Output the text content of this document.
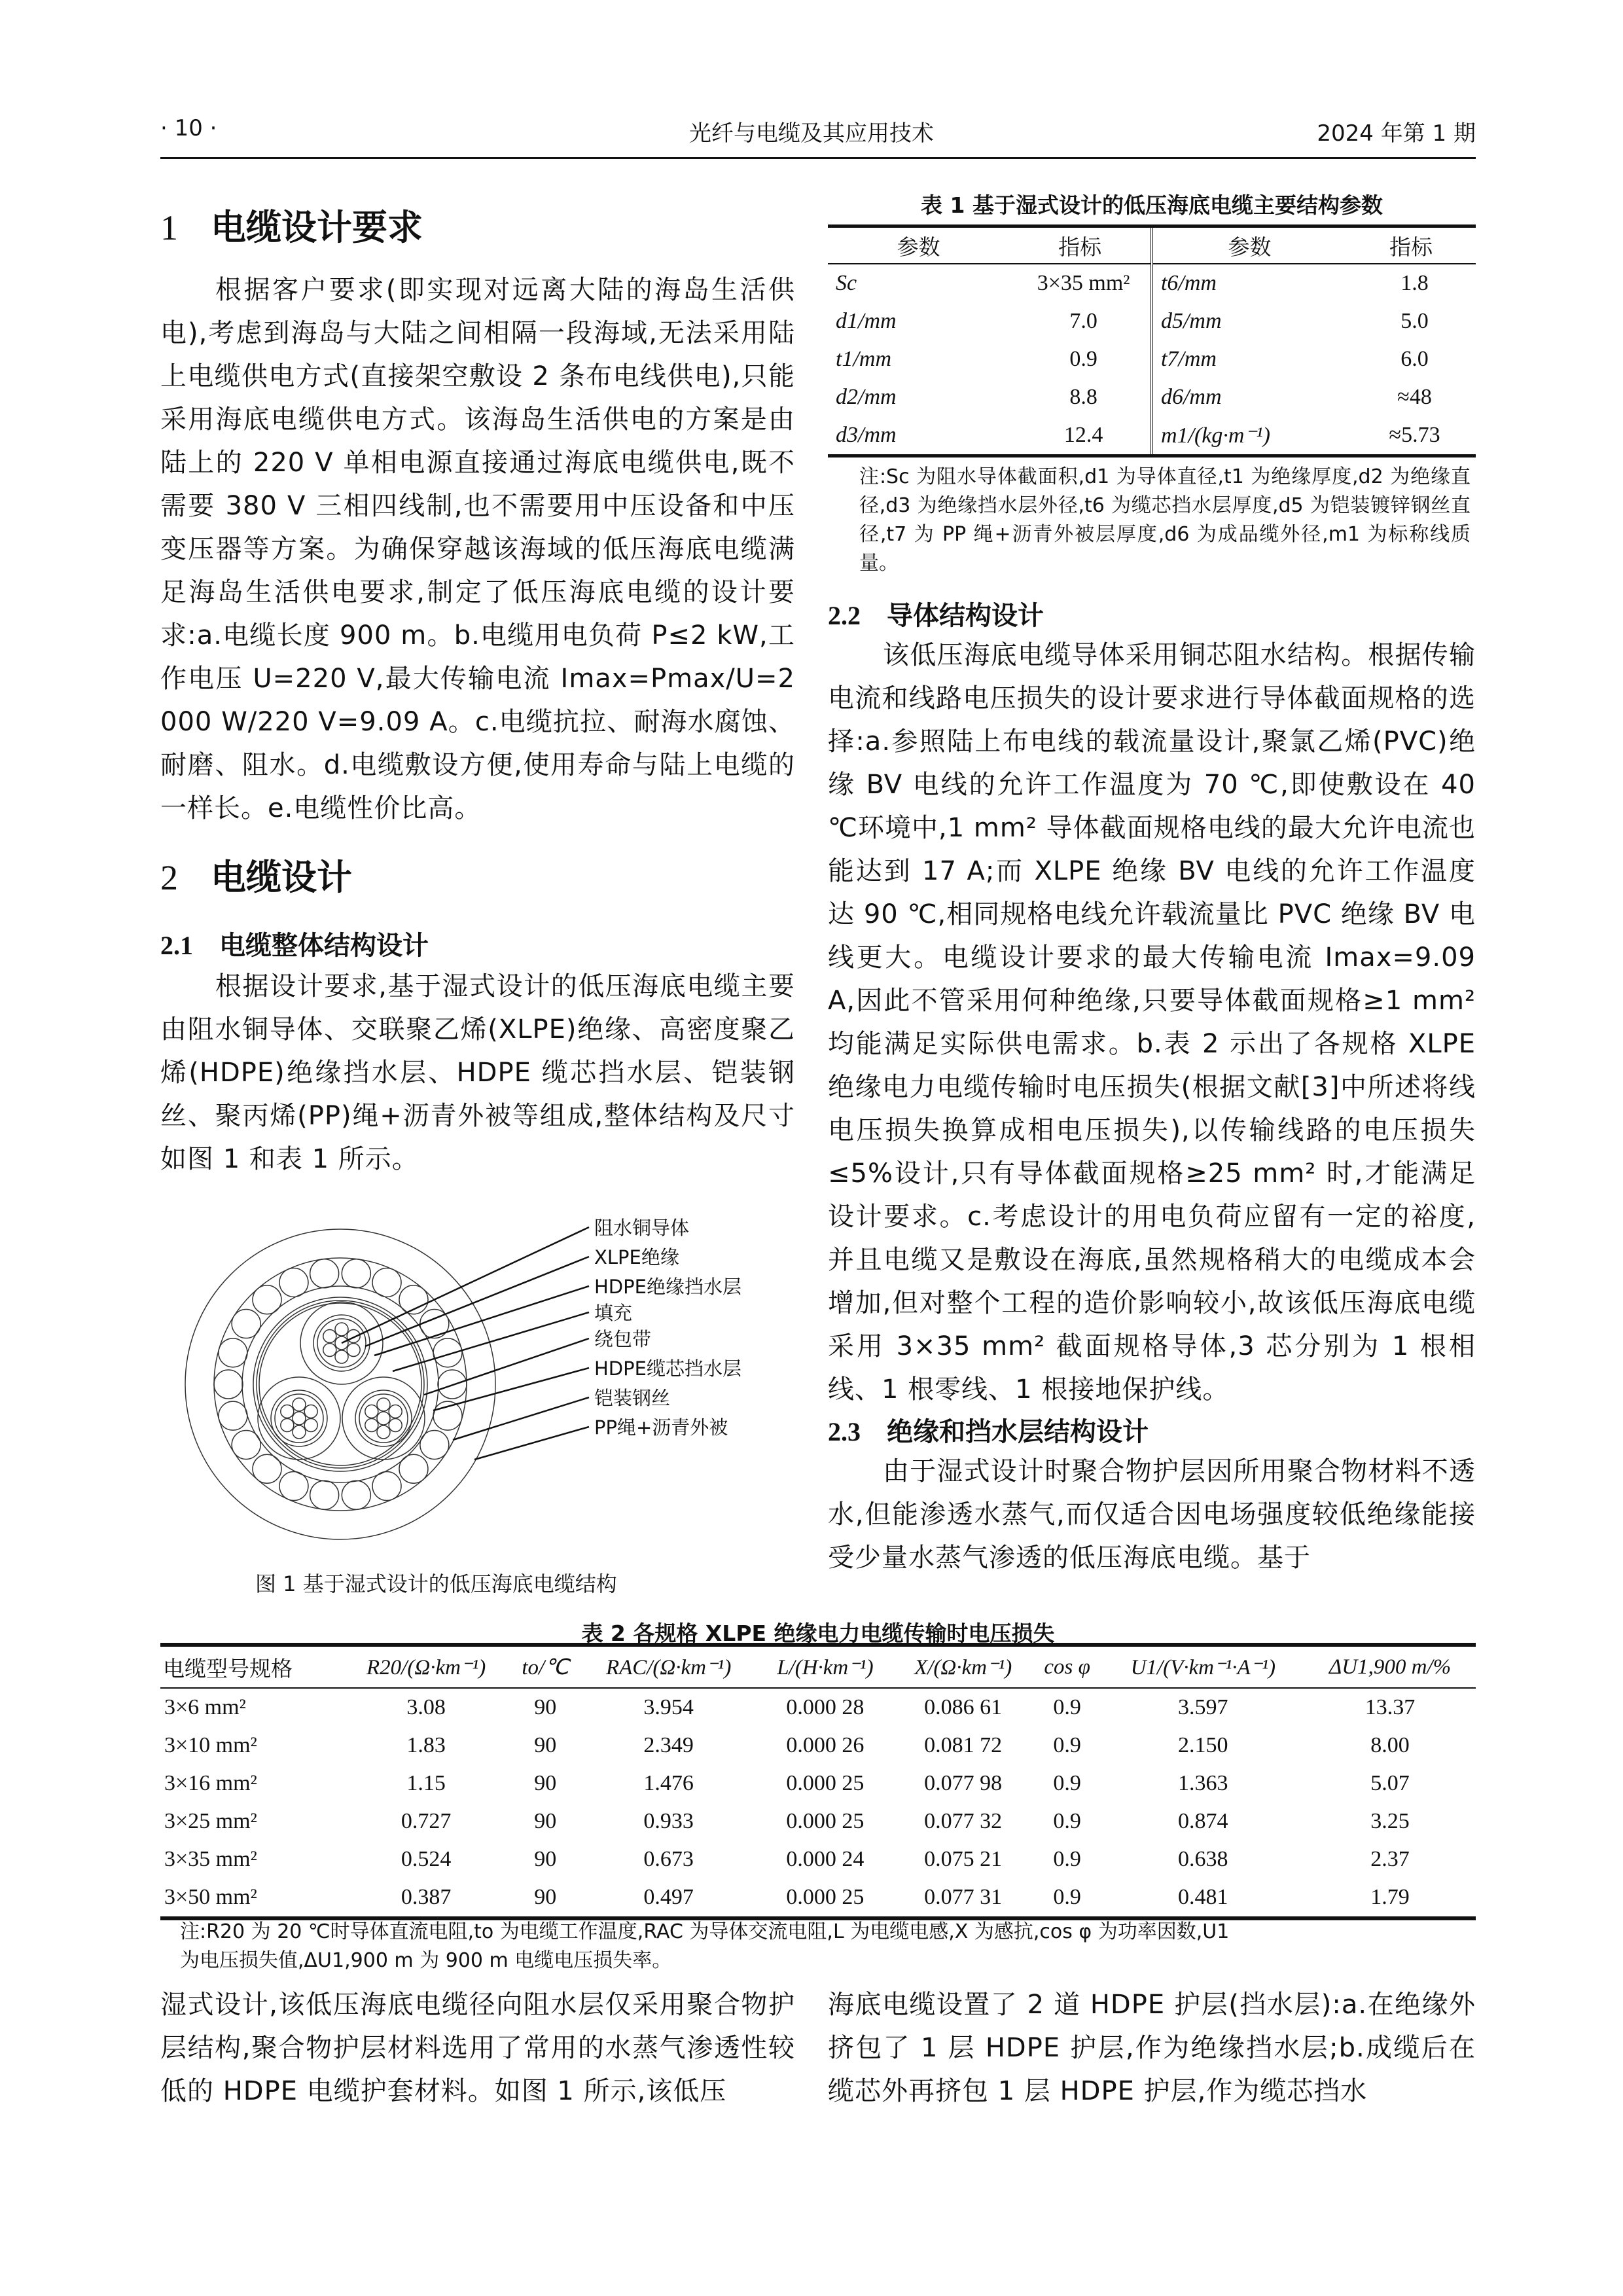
· 10 ·	光纤与电缆及其应用技术	2024 年第 1 期
1 电缆设计要求

根据客户要求(即实现对远离大陆的海岛生活供电),考虑到海岛与大陆之间相隔一段海域,无法采用陆上电缆供电方式(直接架空敷设 2 条布电线供电),只能采用海底电缆供电方式。该海岛生活供电的方案是由陆上的 220 V 单相电源直接通过海底电缆供电,既不需要 380 V 三相四线制,也不需要用中压设备和中压变压器等方案。为确保穿越该海域的低压海底电缆满足海岛生活供电要求,制定了低压海底电缆的设计要求:a.电缆长度 900 m。b.电缆用电负荷 P≤2 kW,工作电压 U=220 V,最大传输电流 Imax=Pmax/U=2 000 W/220 V=9.09 A。c.电缆抗拉、耐海水腐蚀、耐磨、阻水。d.电缆敷设方便,使用寿命与陆上电缆的一样长。e.电缆性价比高。

2 电缆设计
2.1 电缆整体结构设计

根据设计要求,基于湿式设计的低压海底电缆主要由阻水铜导体、交联聚乙烯(XLPE)绝缘、高密度聚乙烯(HDPE)绝缘挡水层、HDPE 缆芯挡水层、铠装钢丝、聚丙烯(PP)绳+沥青外被等组成,整体结构及尺寸如图 1 和表 1 所示。

阻水铜导体
XLPE绝缘
HDPE绝缘挡水层
填充
绕包带
HDPE缆芯挡水层
铠装钢丝
PP绳+沥青外被
图 1 基于湿式设计的低压海底电缆结构
表 1 基于湿式设计的低压海底电缆主要结构参数
参数	指标	参数	指标
Sc	3×35 mm²	t6/mm	1.8
d1/mm	7.0	d5/mm	5.0
t1/mm	0.9	t7/mm	6.0
d2/mm	8.8	d6/mm	≈48
d3/mm	12.4	m1/(kg·m⁻¹)	≈5.73

注:Sc 为阻水导体截面积,d1 为导体直径,t1 为绝缘厚度,d2 为绝缘直径,d3 为绝缘挡水层外径,t6 为缆芯挡水层厚度,d5 为铠装镀锌钢丝直径,t7 为 PP 绳+沥青外被层厚度,d6 为成品缆外径,m1 为标称线质量。

2.2 导体结构设计

该低压海底电缆导体采用铜芯阻水结构。根据传输电流和线路电压损失的设计要求进行导体截面规格的选择:a.参照陆上布电线的载流量设计,聚氯乙烯(PVC)绝缘 BV 电线的允许工作温度为 70 ℃,即使敷设在 40 ℃环境中,1 mm² 导体截面规格电线的最大允许电流也能达到 17 A;而 XLPE 绝缘 BV 电线的允许工作温度达 90 ℃,相同规格电线允许载流量比 PVC 绝缘 BV 电线更大。电缆设计要求的最大传输电流 Imax=9.09 A,因此不管采用何种绝缘,只要导体截面规格≥1 mm² 均能满足实际供电需求。b.表 2 示出了各规格 XLPE 绝缘电力电缆传输时电压损失(根据文献[3]中所述将线电压损失换算成相电压损失),以传输线路的电压损失≤5%设计,只有导体截面规格≥25 mm² 时,才能满足设计要求。c.考虑设计的用电负荷应留有一定的裕度,并且电缆又是敷设在海底,虽然规格稍大的电缆成本会增加,但对整个工程的造价影响较小,故该低压海底电缆采用 3×35 mm² 截面规格导体,3 芯分别为 1 根相线、1 根零线、1 根接地保护线。

2.3 绝缘和挡水层结构设计

由于湿式设计时聚合物护层因所用聚合物材料不透水,但能渗透水蒸气,而仅适合因电场强度较低绝缘能接受少量水蒸气渗透的低压海底电缆。基于

表 2 各规格 XLPE 绝缘电力电缆传输时电压损失
电缆型号规格	R20/(Ω·km⁻¹)	to/℃	RAC/(Ω·km⁻¹)	L/(H·km⁻¹)	X/(Ω·km⁻¹)	cos φ	U1/(V·km⁻¹·A⁻¹)	ΔU1,900 m/%
3×6 mm²	3.08	90	3.954	0.000 28	0.086 61	0.9	3.597	13.37
3×10 mm²	1.83	90	2.349	0.000 26	0.081 72	0.9	2.150	8.00
3×16 mm²	1.15	90	1.476	0.000 25	0.077 98	0.9	1.363	5.07
3×25 mm²	0.727	90	0.933	0.000 25	0.077 32	0.9	0.874	3.25
3×35 mm²	0.524	90	0.673	0.000 24	0.075 21	0.9	0.638	2.37
3×50 mm²	0.387	90	0.497	0.000 25	0.077 31	0.9	0.481	1.79
注:R20 为 20 ℃时导体直流电阻,to 为电缆工作温度,RAC 为导体交流电阻,L 为电缆电感,X 为感抗,cos φ 为功率因数,U1
为电压损失值,ΔU1,900 m 为 900 m 电缆电压损失率。

湿式设计,该低压海底电缆径向阻水层仅采用聚合物护层结构,聚合物护层材料选用了常用的水蒸气渗透性较低的 HDPE 电缆护套材料。如图 1 所示,该低压

海底电缆设置了 2 道 HDPE 护层(挡水层):a.在绝缘外挤包了 1 层 HDPE 护层,作为绝缘挡水层;b.成缆后在缆芯外再挤包 1 层 HDPE 护层,作为缆芯挡水
